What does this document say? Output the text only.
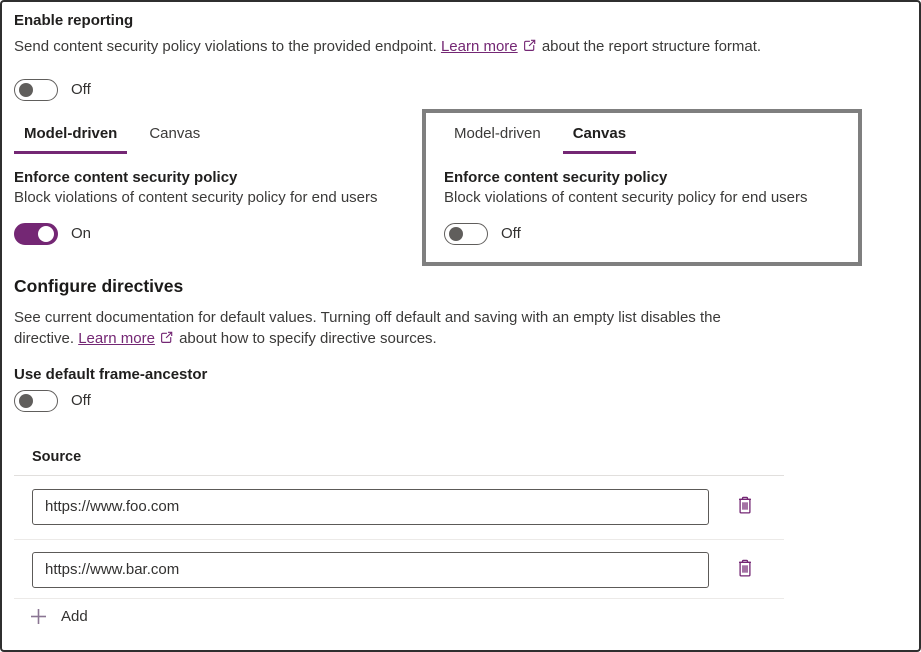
Enable reporting

Send content security policy violations to the provided endpoint. Learn more about the report structure format.

Off
Model-driven	Canvas
Enforce content security policy

Block violations of content security policy for end users

On
Model-driven	Canvas
Enforce content security policy

Block violations of content security policy for end users

Off
Configure directives

See current documentation for default values. Turning off default and saving with an empty list disables the directive. Learn more about how to specify directive sources.

Use default frame-ancestor
Off
Source
https://www.foo.com
https://www.bar.com
Add
